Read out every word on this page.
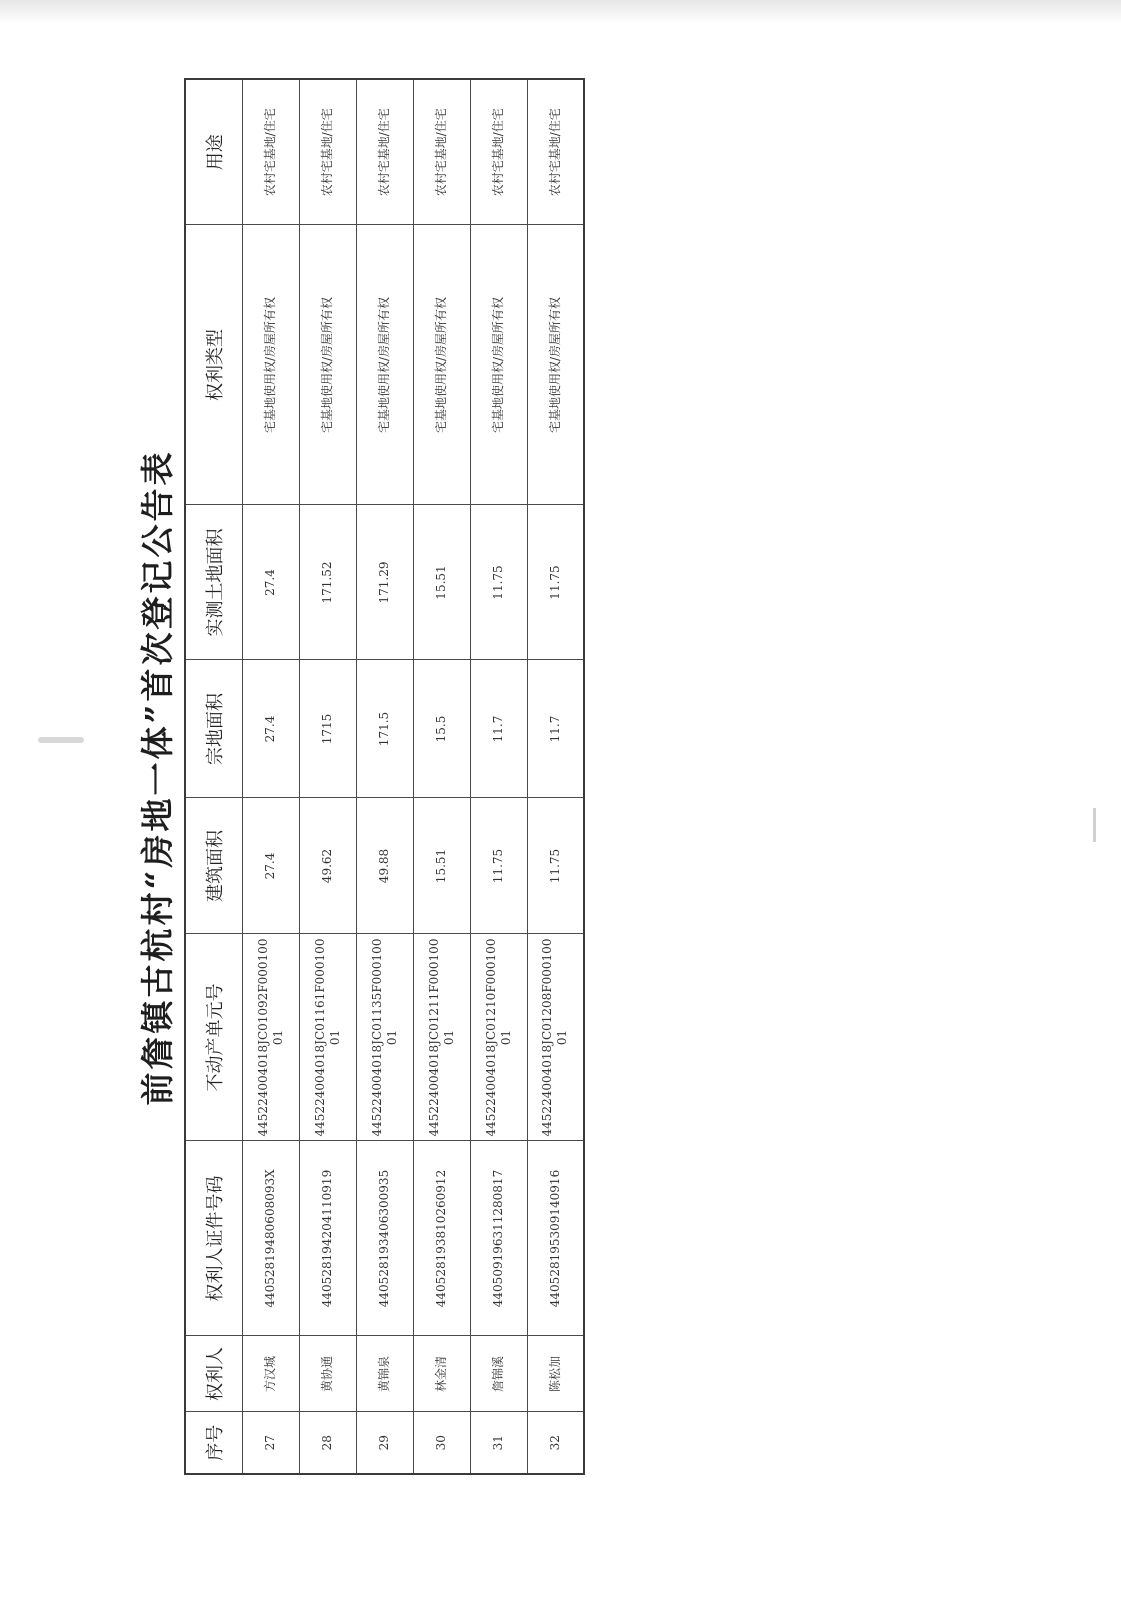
前詹镇古杭村“房地一体”首次登记公告表
序号	权利人	权利人证件号码	不动产单元号	建筑面积	宗地面积	实测土地面积	权利类型	用途
27	方汉城	44052819480608093X	445224004018JC01092F00010001	27.4	27.4	27.4	宅基地使用权/房屋所有权	农村宅基地/住宅
28	黄协通	440528194204110919	445224004018JC01161F00010001	49.62	1715	171.52	宅基地使用权/房屋所有权	农村宅基地/住宅
29	黄锦泉	440528193406300935	445224004018JC01135F00010001	49.88	171.5	171.29	宅基地使用权/房屋所有权	农村宅基地/住宅
30	林金清	440528193810260912	445224004018JC01211F00010001	15.51	15.5	15.51	宅基地使用权/房屋所有权	农村宅基地/住宅
31	詹锦溪	440509196311280817	445224004018JC01210F00010001	11.75	11.7	11.75	宅基地使用权/房屋所有权	农村宅基地/住宅
32	陈松加	440528195309140916	445224004018JC01208F00010001	11.75	11.7	11.75	宅基地使用权/房屋所有权	农村宅基地/住宅
